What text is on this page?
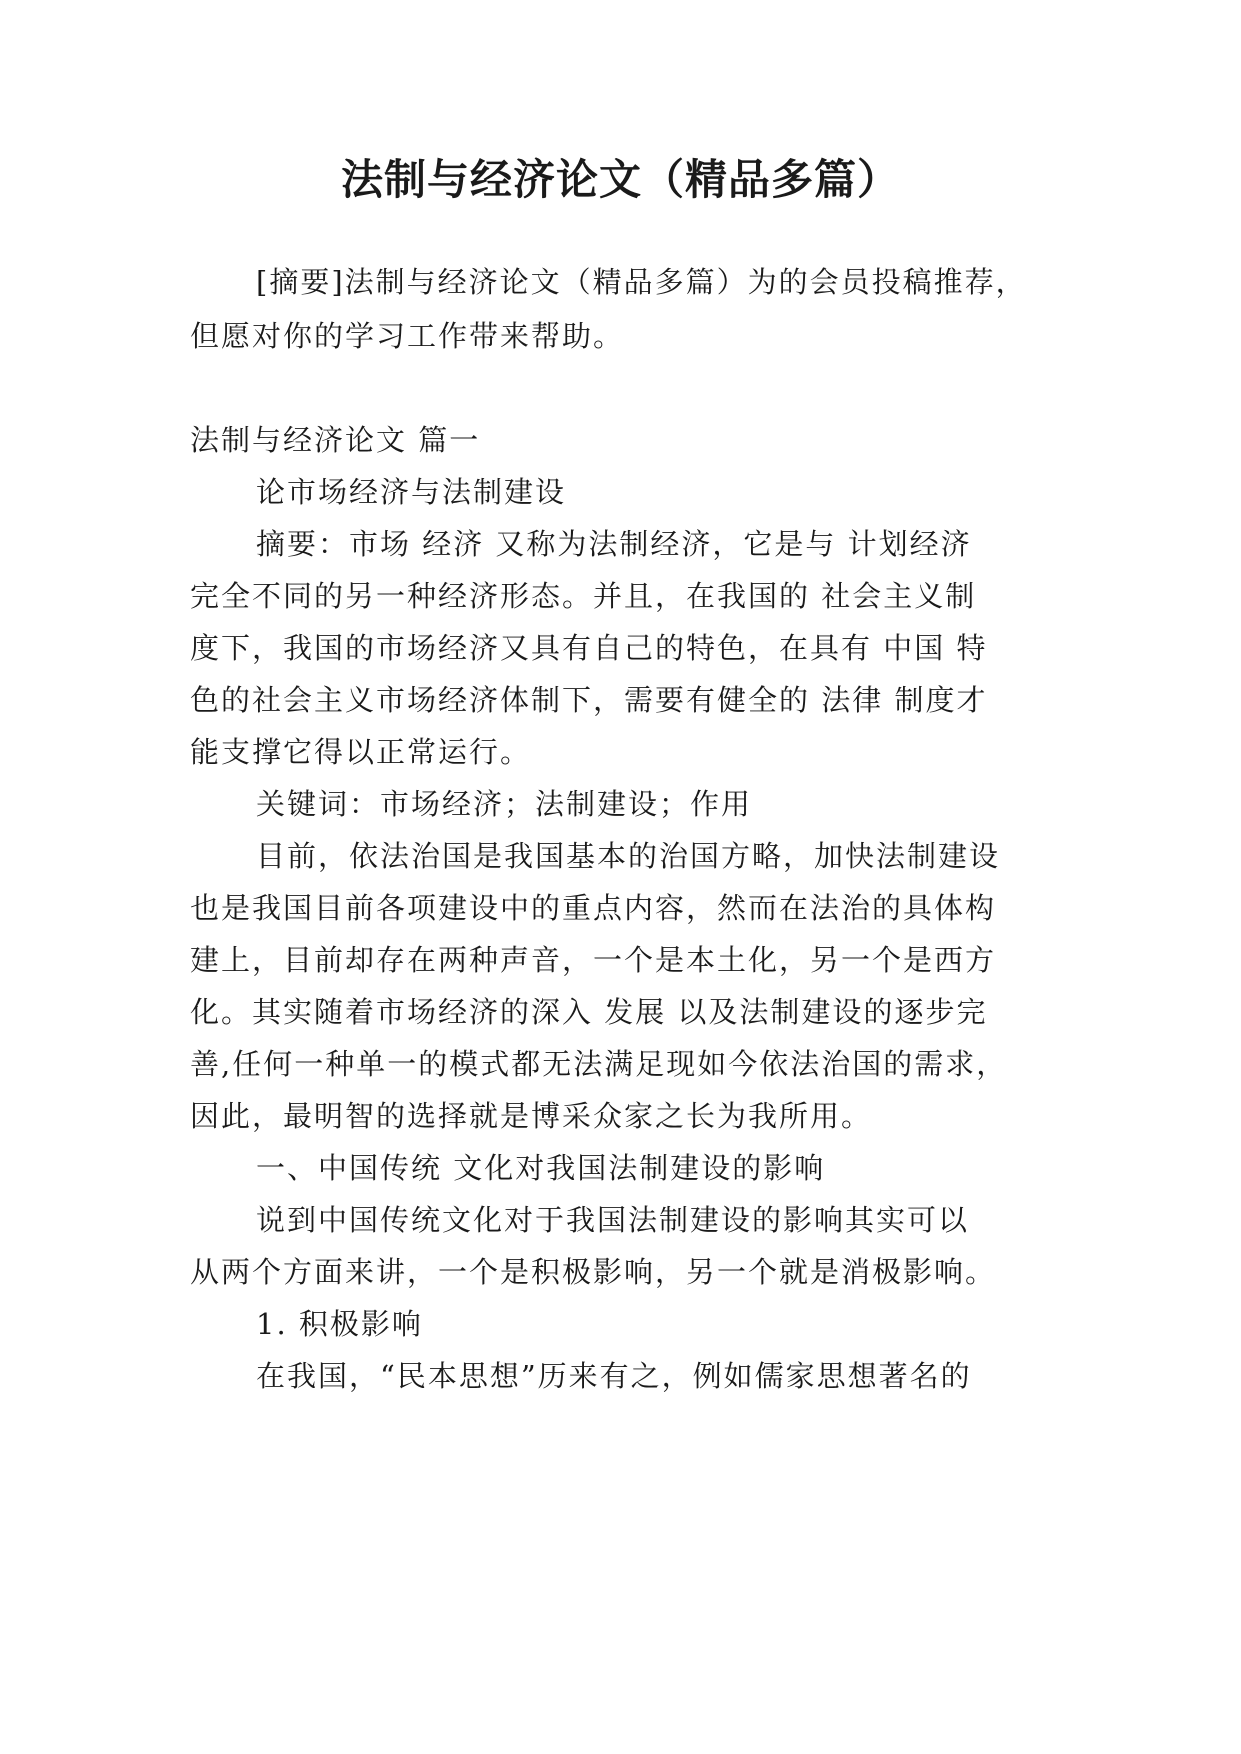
法制与经济论文（精品多篇）

[摘要]法制与经济论文（精品多篇）为的会员投稿推荐，

但愿对你的学习工作带来帮助。

法制与经济论文 篇一

论市场经济与法制建设

摘要：市场 经济 又称为法制经济，它是与 计划经济

完全不同的另一种经济形态。并且，在我国的 社会主义制

度下，我国的市场经济又具有自己的特色，在具有 中国 特

色的社会主义市场经济体制下，需要有健全的 法律 制度才

能支撑它得以正常运行。

关键词：市场经济；法制建设；作用

目前，依法治国是我国基本的治国方略，加快法制建设

也是我国目前各项建设中的重点内容，然而在法治的具体构

建上，目前却存在两种声音，一个是本土化，另一个是西方

化。其实随着市场经济的深入 发展 以及法制建设的逐步完

善,任何一种单一的模式都无法满足现如今依法治国的需求，

因此，最明智的选择就是博采众家之长为我所用。

一、中国传统 文化对我国法制建设的影响

说到中国传统文化对于我国法制建设的影响其实可以

从两个方面来讲，一个是积极影响，另一个就是消极影响。

1. 积极影响

在我国，“民本思想”历来有之，例如儒家思想著名的
